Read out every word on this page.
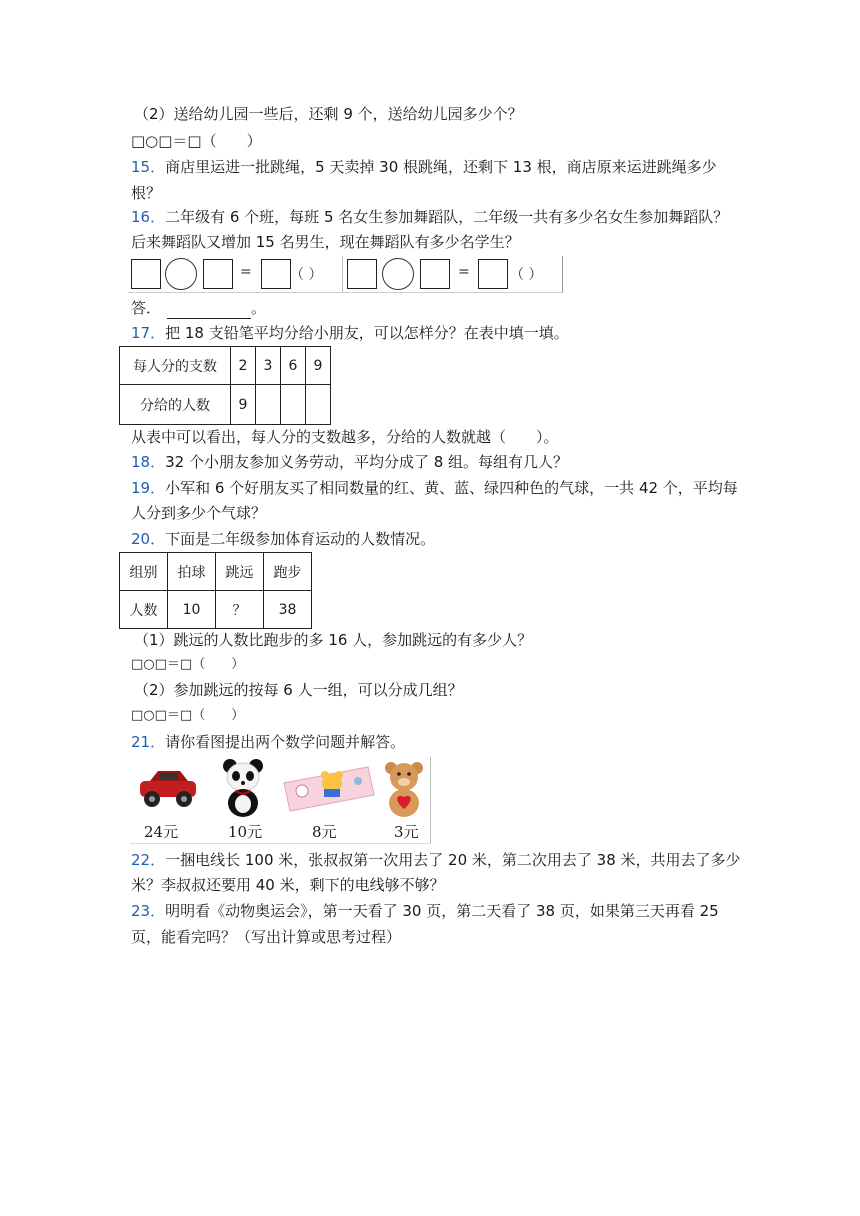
（2）送给幼儿园一些后，还剩 9 个，送给幼儿园多少个？
□○□＝□（　　）
15．商店里运进一批跳绳，5 天卖掉 30 根跳绳，还剩下 13 根，商店原来运进跳绳多少
根？
16．二年级有 6 个班，每班 5 名女生参加舞蹈队，二年级一共有多少名女生参加舞蹈队？
后来舞蹈队又增加 15 名男生，现在舞蹈队有多少名学生？
=	（ ）	=	（ ）
答．	。
17．把 18 支铅笔平均分给小朋友，可以怎样分？在表中填一填。
每人分的支数	2	3	6	9
分给的人数	9			
从表中可以看出，每人分的支数越多，分给的人数就越（　　）。
18．32 个小朋友参加义务劳动，平均分成了 8 组。每组有几人？
19．小军和 6 个好朋友买了相同数量的红、黄、蓝、绿四种色的气球，一共 42 个，平均每
人分到多少个气球？
20．下面是二年级参加体育运动的人数情况。
组别	拍球	跳远	跑步
人数	10	？	38
（1）跳远的人数比跑步的多 16 人，参加跳远的有多少人？
□○□＝□（　　）
（2）参加跳远的按每 6 人一组，可以分成几组？
□○□＝□（　　）
21．请你看图提出两个数学问题并解答。
24元	10元	8元	3元
22．一捆电线长 100 米，张叔叔第一次用去了 20 米，第二次用去了 38 米，共用去了多少
米？李叔叔还要用 40 米，剩下的电线够不够？
23．明明看《动物奥运会》，第一天看了 30 页，第二天看了 38 页，如果第三天再看 25
页，能看完吗？（写出计算或思考过程）
